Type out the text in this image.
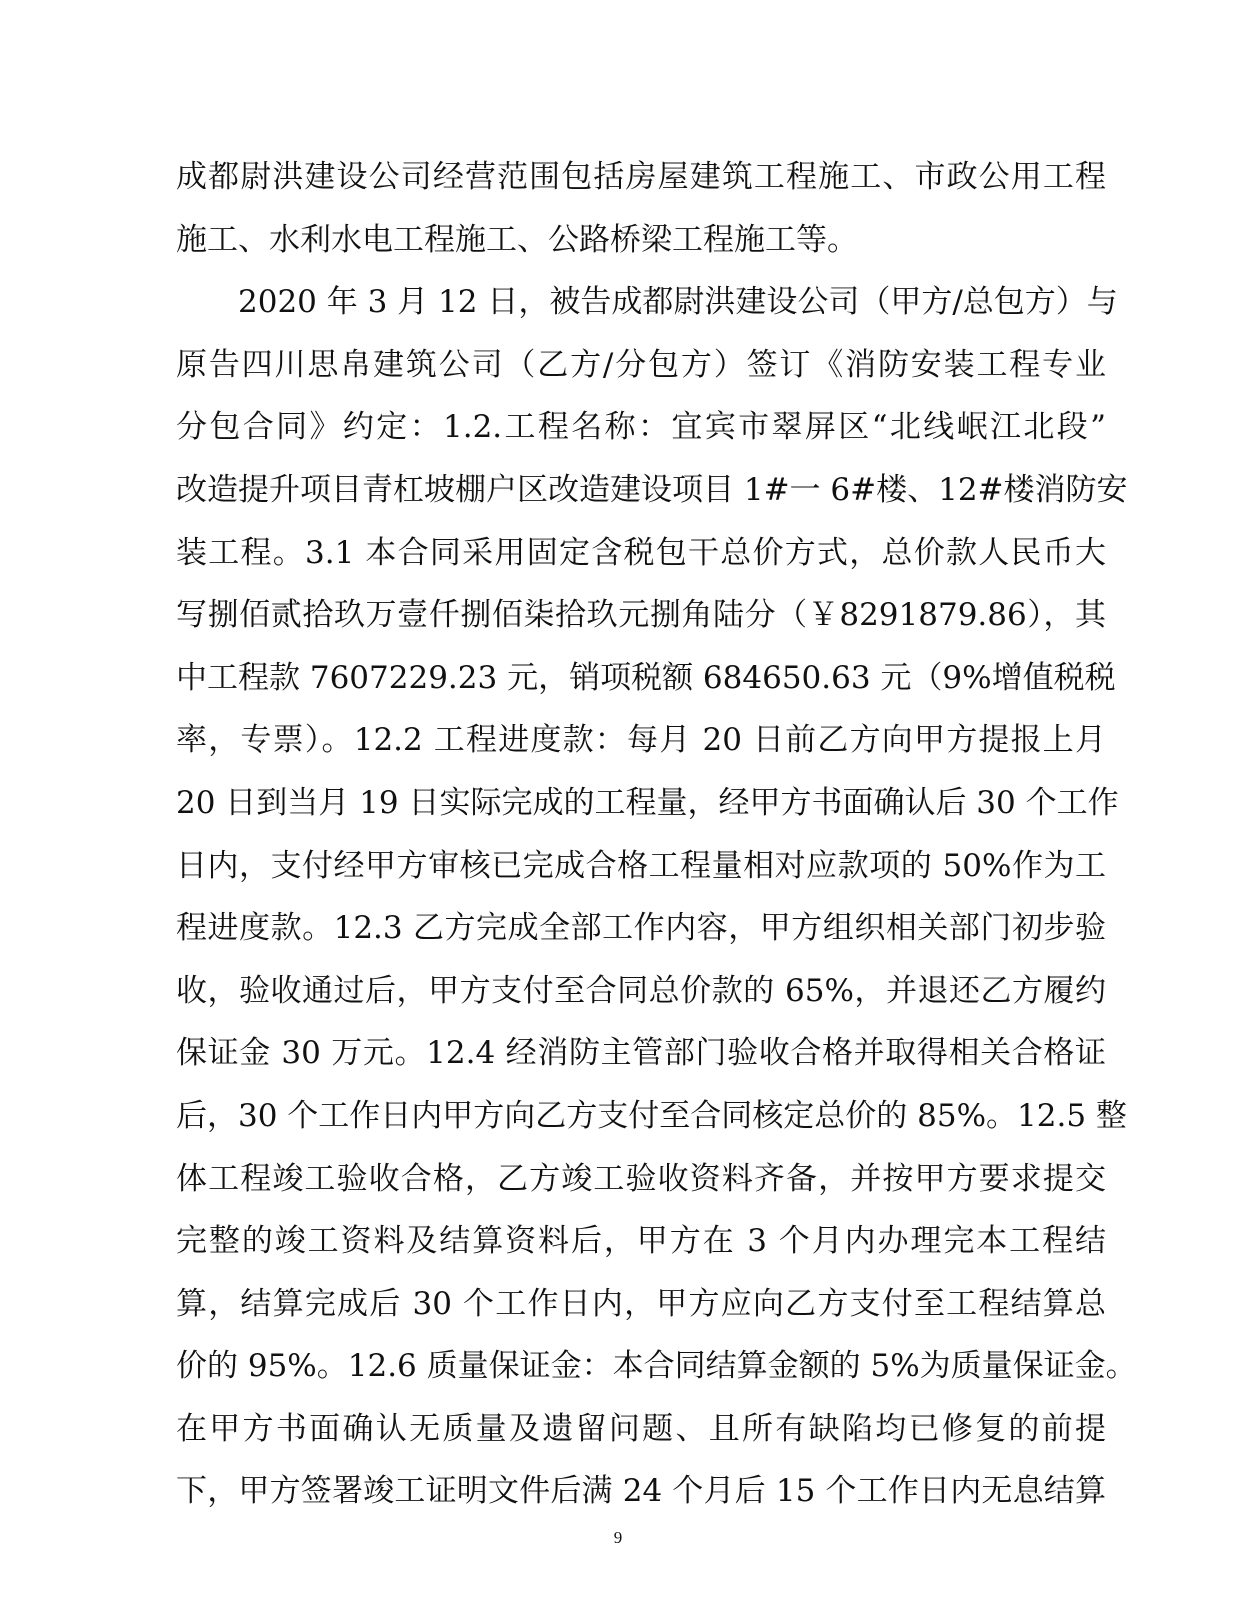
成都尉洪建设公司经营范围包括房屋建筑工程施工、市政公用工程
施工、水利水电工程施工、公路桥梁工程施工等。
　　2020 年 3 月 12 日，被告成都尉洪建设公司（甲方/总包方）与
原告四川思帛建筑公司（乙方/分包方）签订《消防安装工程专业
分包合同》约定：1.2.工程名称：宜宾市翠屏区“北线岷江北段”
改造提升项目青杠坡棚户区改造建设项目 1#一 6#楼、12#楼消防安
装工程。3.1 本合同采用固定含税包干总价方式，总价款人民币大
写捌佰贰拾玖万壹仟捌佰柒拾玖元捌角陆分（￥8291879.86），其
中工程款 7607229.23 元，销项税额 684650.63 元（9%增值税税
率，专票）。12.2 工程进度款：每月 20 日前乙方向甲方提报上月
20 日到当月 19 日实际完成的工程量，经甲方书面确认后 30 个工作
日内，支付经甲方审核已完成合格工程量相对应款项的 50%作为工
程进度款。12.3 乙方完成全部工作内容，甲方组织相关部门初步验
收，验收通过后，甲方支付至合同总价款的 65%，并退还乙方履约
保证金 30 万元。12.4 经消防主管部门验收合格并取得相关合格证
后，30 个工作日内甲方向乙方支付至合同核定总价的 85%。12.5 整
体工程竣工验收合格，乙方竣工验收资料齐备，并按甲方要求提交
完整的竣工资料及结算资料后，甲方在 3 个月内办理完本工程结
算，结算完成后 30 个工作日内，甲方应向乙方支付至工程结算总
价的 95%。12.6 质量保证金：本合同结算金额的 5%为质量保证金。
在甲方书面确认无质量及遗留问题、且所有缺陷均已修复的前提
下，甲方签署竣工证明文件后满 24 个月后 15 个工作日内无息结算
9
